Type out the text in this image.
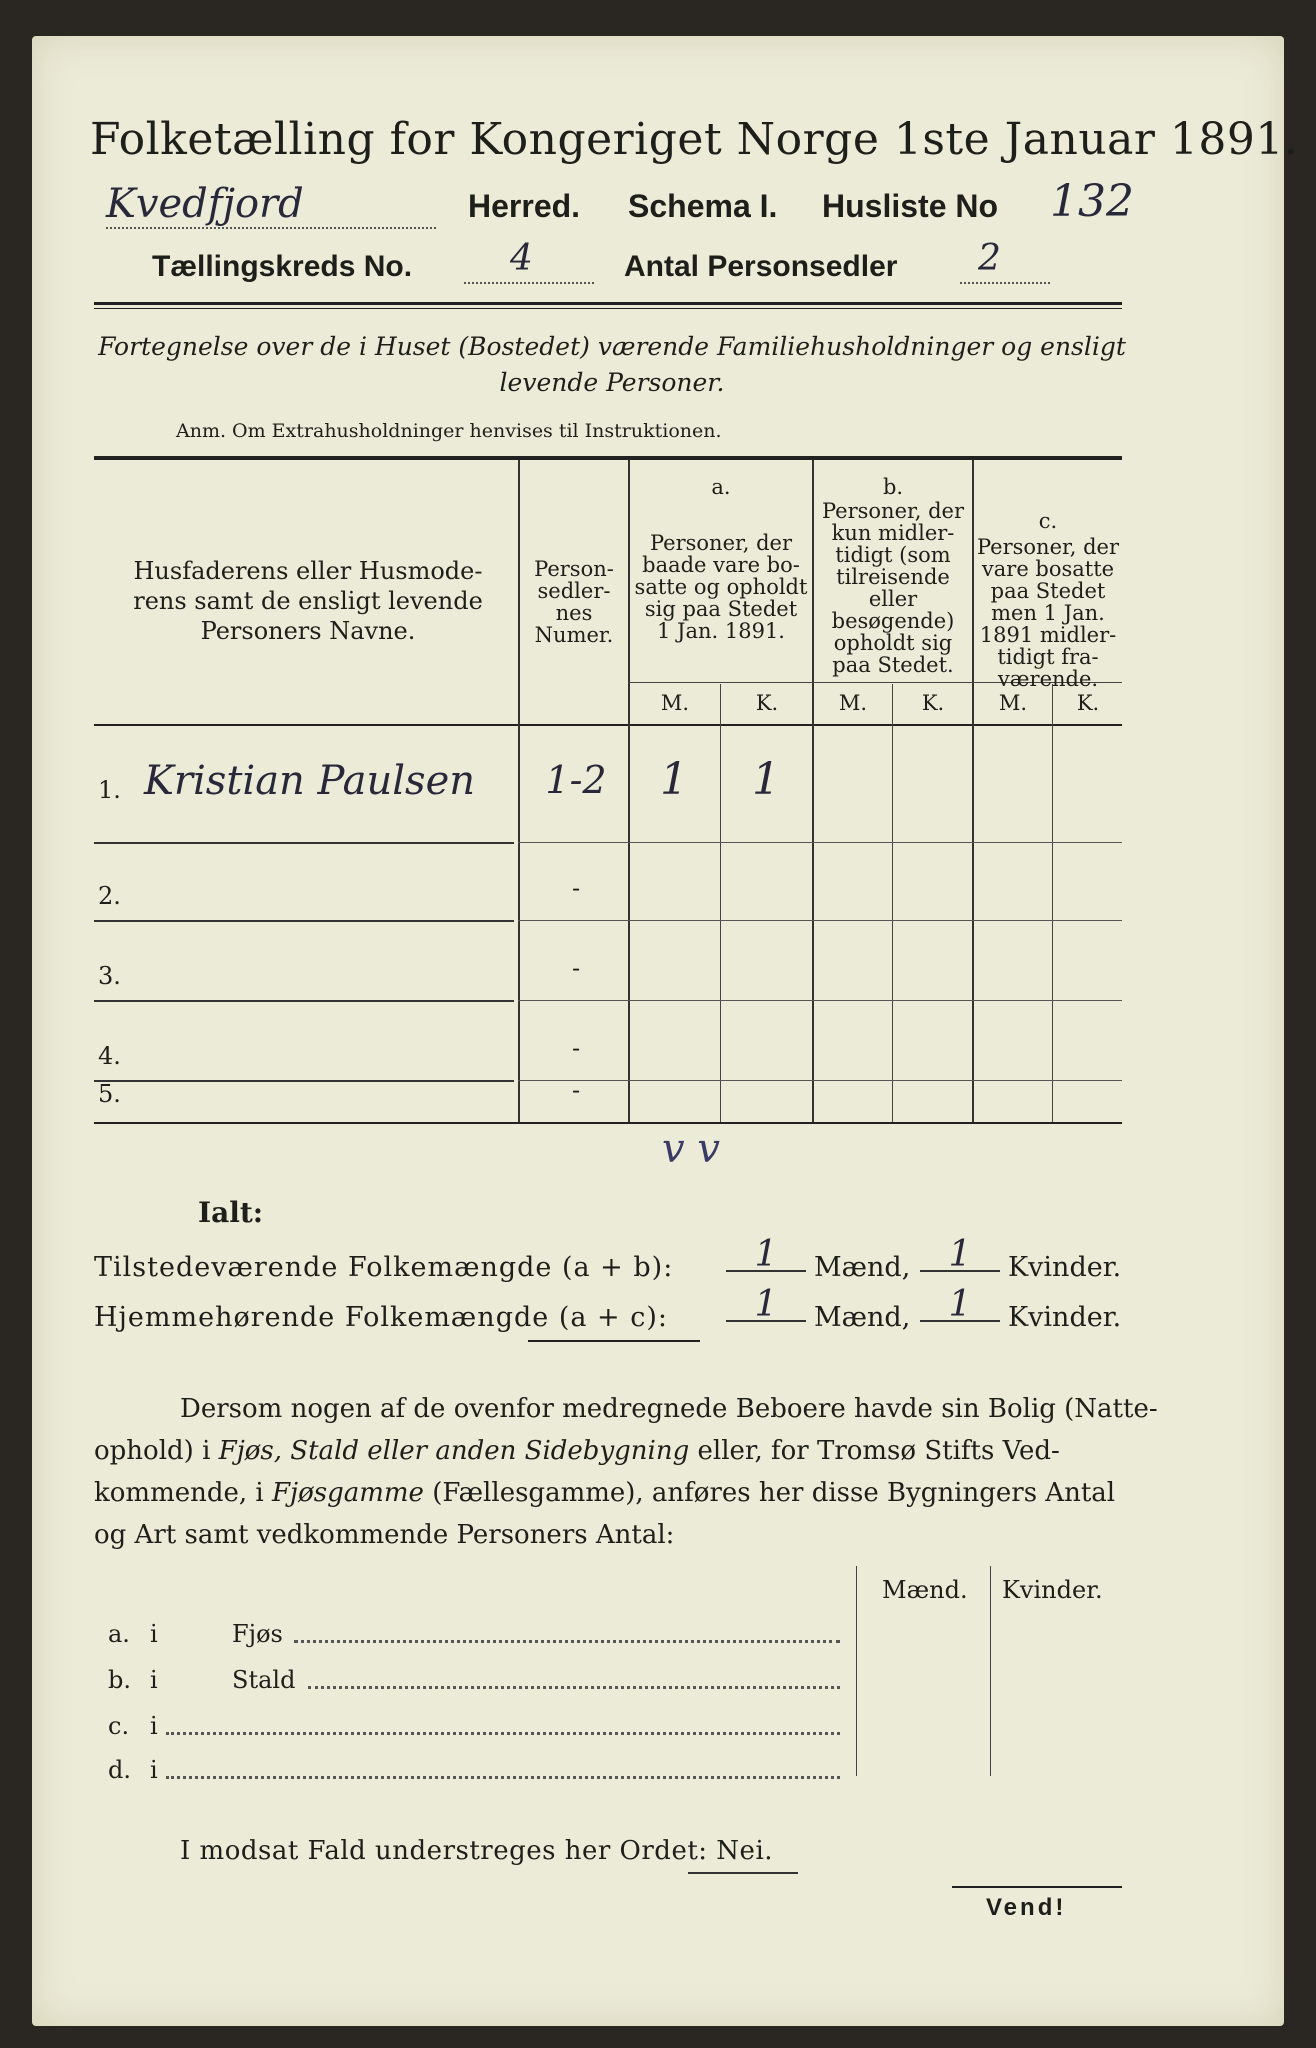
Folketælling for Kongeriget Norge 1ste Januar 1891.
Kvedfjord	Herred. Schema I. Husliste No 132
Tællingskreds No.	4	Antal Personsedler 2
Fortegnelse over de i Huset (Bostedet) værende Familiehusholdninger og ensligt
levende Personer.
Anm. Om Extrahusholdninger henvises til Instruktionen.
Husfaderens eller Husmode-
rens samt de ensligt levende
Personers Navne.
Person-
sedler-
nes
Numer.
a.
Personer, der
baade vare bo-
satte og opholdt
sig paa Stedet
1 Jan. 1891.
b.
Personer, der
kun midler-
tidigt (som
tilreisende
eller
besøgende)
opholdt sig
paa Stedet.
c.
Personer, der
vare bosatte
paa Stedet
men 1 Jan.
1891 midler-
tidigt fra-
værende.
M.	K.	M.	K.	M.	K.
1. Kristian Paulsen	1-2	1	1
2.	-
3.	-
4.	-
5.	-
v v
Ialt:
Tilstedeværende Folkemængde (a + b):	1	Mænd,	1	Kvinder.
Hjemmehørende Folkemængde (a + c):	1	Mænd,	1	Kvinder.
Dersom nogen af de ovenfor medregnede Beboere havde sin Bolig (Natte-
ophold) i Fjøs, Stald eller anden Sidebygning eller, for Tromsø Stifts Ved-
kommende, i Fjøsgamme (Fællesgamme), anføres her disse Bygningers Antal
og Art samt vedkommende Personers Antal:
Mænd. Kvinder.
a. i	Fjøs
b. i	Stald
c. i
d. i
I modsat Fald understreges her Ordet: Nei.
Vend!
